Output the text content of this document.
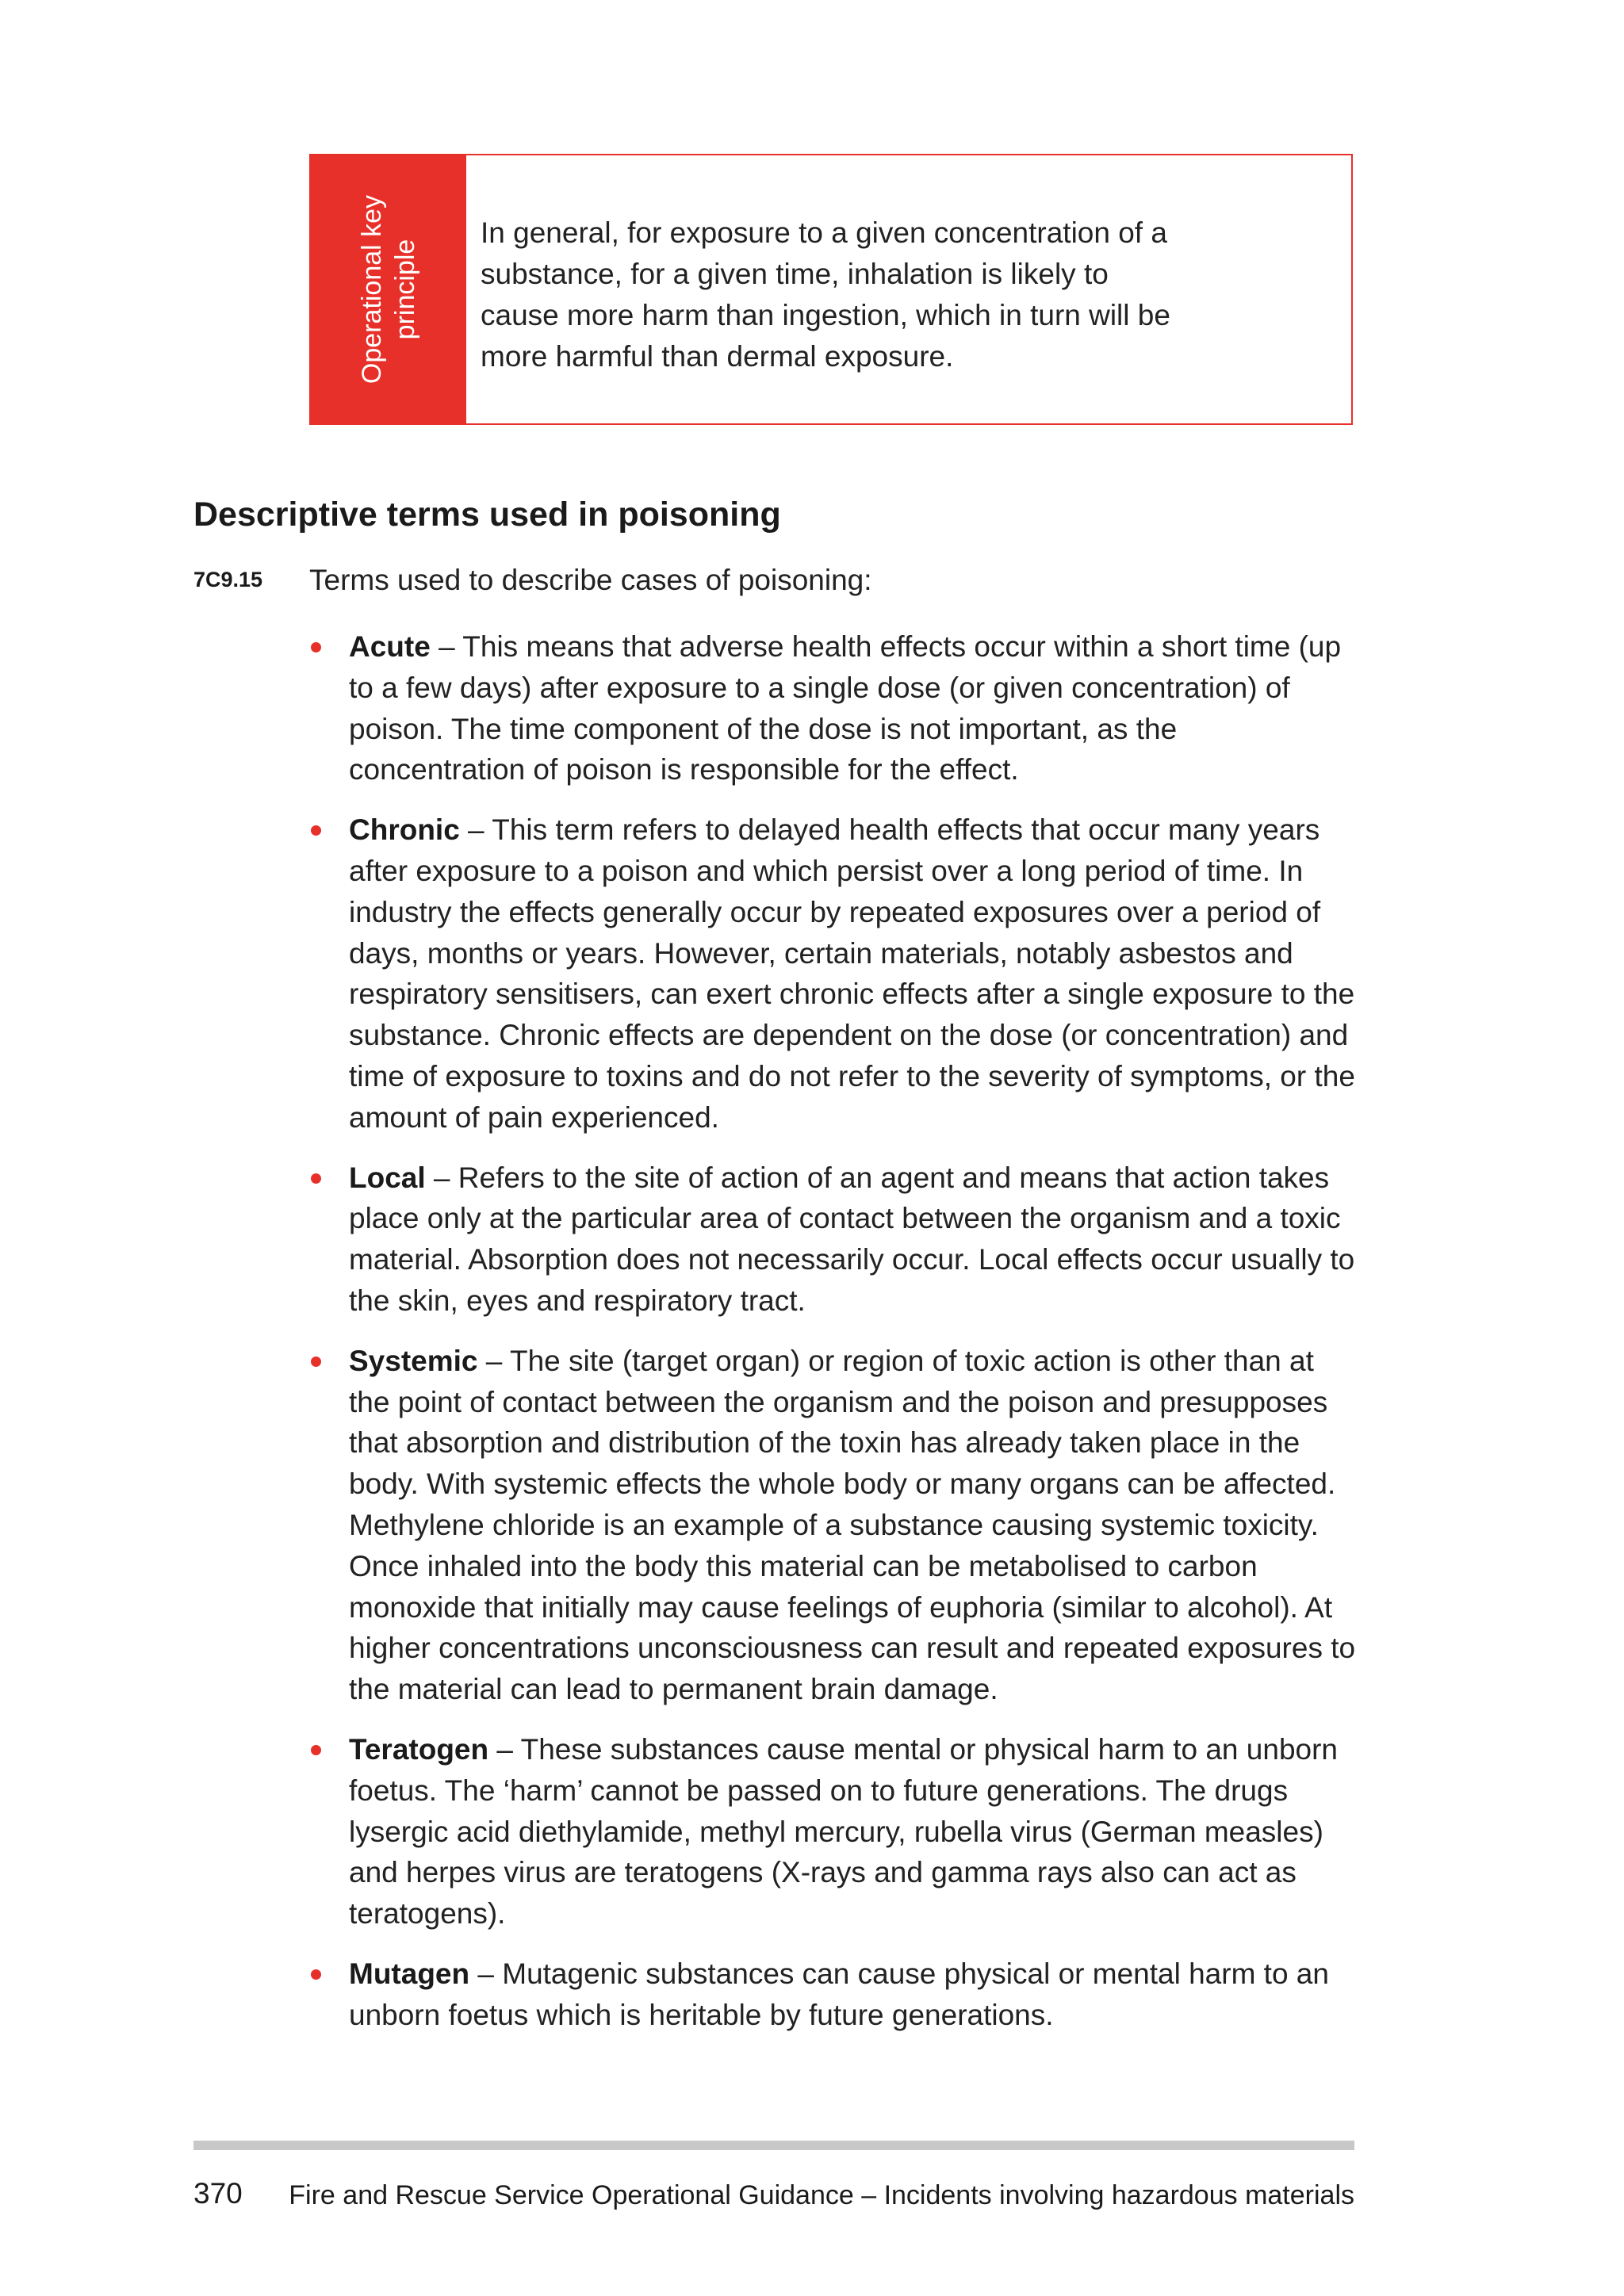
Operational key
principle
In general, for exposure to a given concentration of a substance, for a given time, inhalation is likely to cause more harm than ingestion, which in turn will be more harmful than dermal exposure.
Descriptive terms used in poisoning
7C9.15 Terms used to describe cases of poisoning:
Acute – This means that adverse health effects occur within a short time (up to a few days) after exposure to a single dose (or given concentration) of poison. The time component of the dose is not important, as the concentration of poison is responsible for the effect.
Chronic – This term refers to delayed health effects that occur many years after exposure to a poison and which persist over a long period of time. In industry the effects generally occur by repeated exposures over a period of days, months or years. However, certain materials, notably asbestos and respiratory sensitisers, can exert chronic effects after a single exposure to the substance. Chronic effects are dependent on the dose (or concentration) and time of exposure to toxins and do not refer to the severity of symptoms, or the amount of pain experienced.
Local – Refers to the site of action of an agent and means that action takes place only at the particular area of contact between the organism and a toxic material. Absorption does not necessarily occur. Local effects occur usually to the skin, eyes and respiratory tract.
Systemic – The site (target organ) or region of toxic action is other than at the point of contact between the organism and the poison and presupposes that absorption and distribution of the toxin has already taken place in the body. With systemic effects the whole body or many organs can be affected. Methylene chloride is an example of a substance causing systemic toxicity. Once inhaled into the body this material can be metabolised to carbon monoxide that initially may cause feelings of euphoria (similar to alcohol). At higher concentrations unconsciousness can result and repeated exposures to the material can lead to permanent brain damage.
Teratogen – These substances cause mental or physical harm to an unborn foetus. The ‘harm’ cannot be passed on to future generations. The drugs lysergic acid diethylamide, methyl mercury, rubella virus (German measles) and herpes virus are teratogens (X-rays and gamma rays also can act as teratogens).
Mutagen – Mutagenic substances can cause physical or mental harm to an unborn foetus which is heritable by future generations.
370 Fire and Rescue Service Operational Guidance – Incidents involving hazardous materials
